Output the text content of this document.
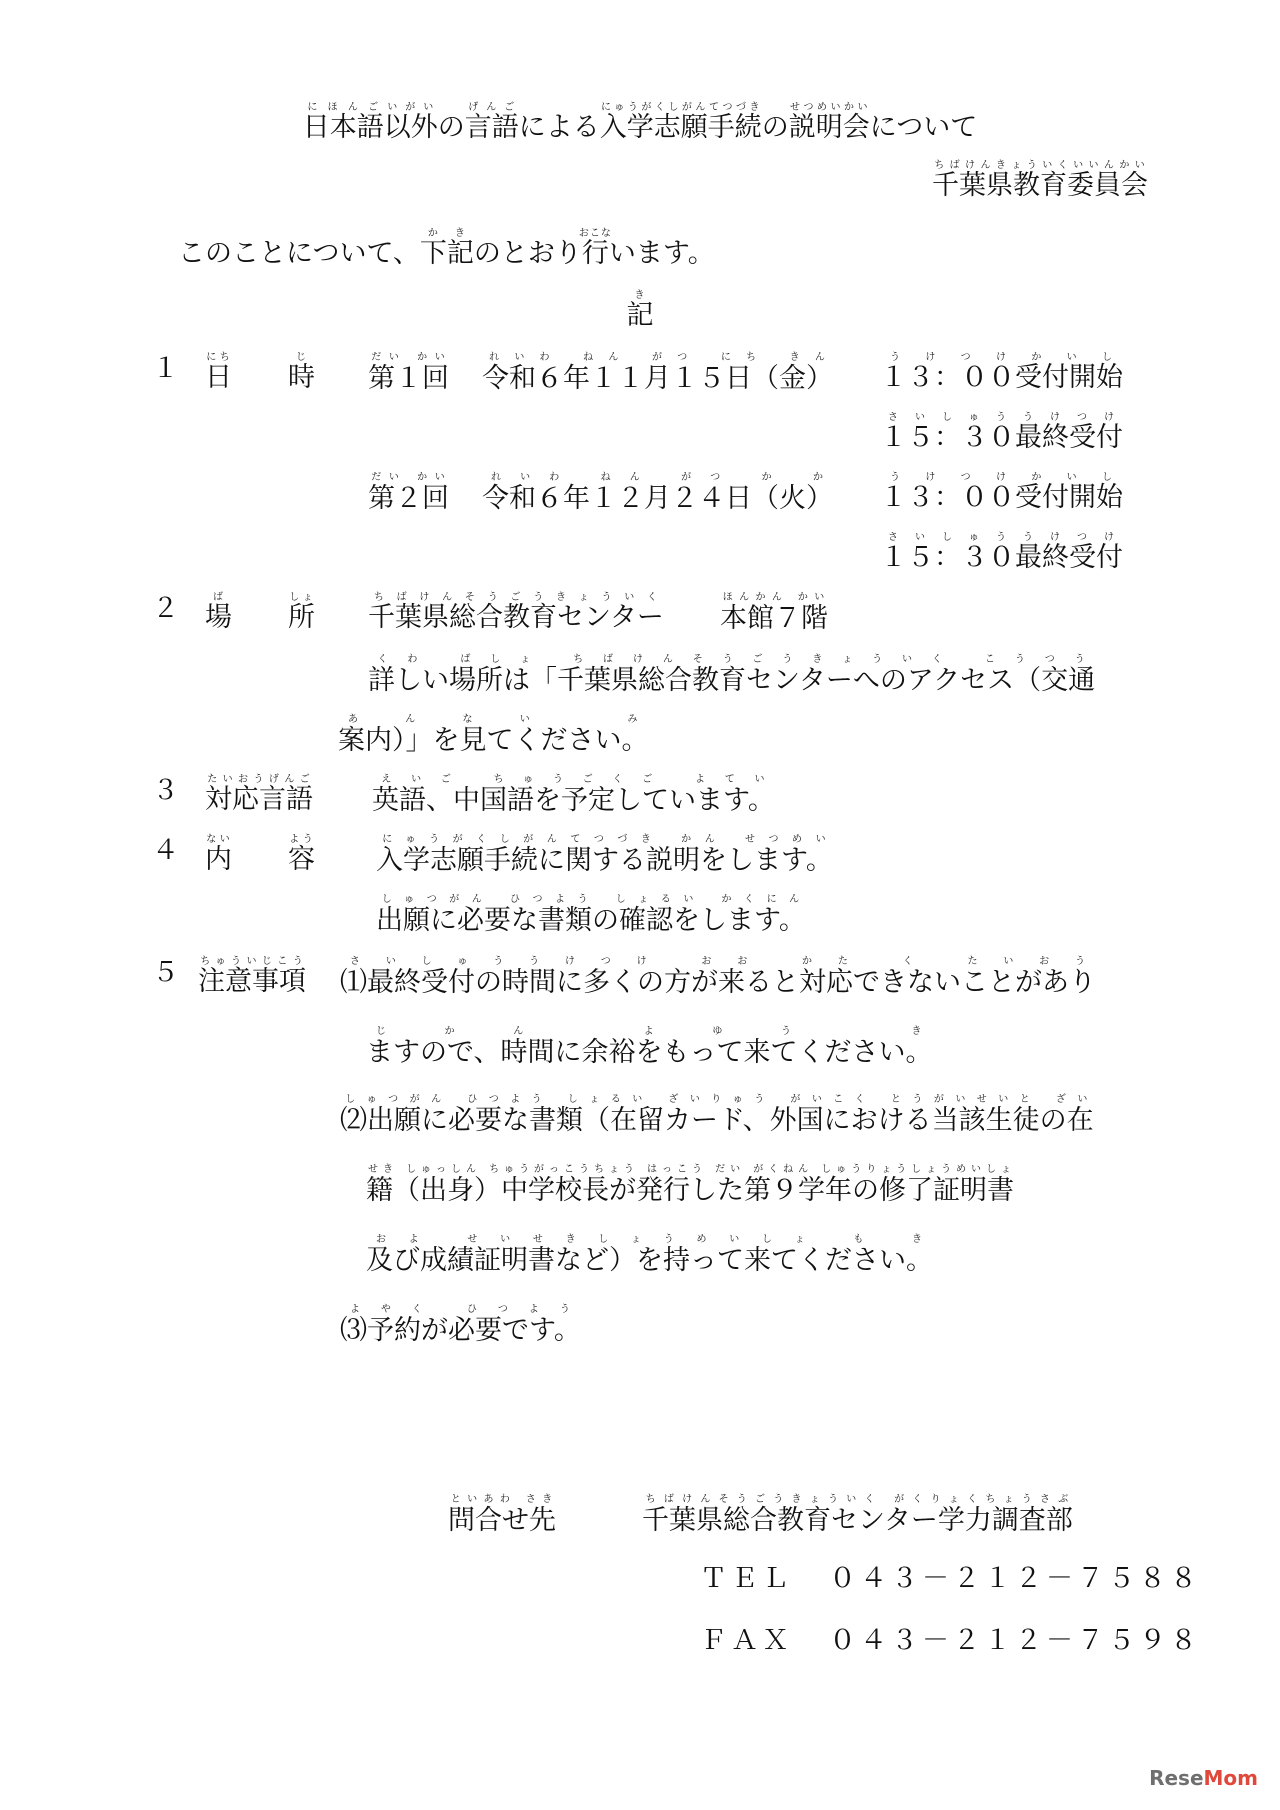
日本語にほんご以外いがいの言語げんごによる入学志願手続にゅうがくしがんてつづきの説明会せつめいかいについて
千葉県教育委員会ちばけんきょういくいいんかい
このことについて、下記かきのとおり行おこないます。
記き
１ 日にち
時じ
第１回だい かい
令和６年１１月１５日（金）れいわ ねん がつ にち きん
１３：００受付開始うけつけかいし
１５：３０最終受付さいしゅううけつけ
第２回だい かい
令和６年１２月２４日（火）れいわ ねん がつ か か
１３：００受付開始うけつけかいし
１５：３０最終受付さいしゅううけつけ
２ 場ば
所しょ
千葉県総合教育センターちばけんそうごうきょういく
本館７階ほんかん かい
詳しい場所は「千葉県総合教育センターへのアクセス（交通くわ ばしょ ちばけんそうごうきょういく こうつう
案内）」を見てください。あんない み
３ 対応言語たいおうげんご
英語、中国語を予定しています。えいご ちゅうごくご よてい
４ 内ない
容よう
入学志願手続に関する説明をします。にゅうがくしがんてつづき かん せつめい
出願に必要な書類の確認をします。しゅつがん ひつよう しょるい かくにん
５ 注意事項ちゅういじこう
⑴最終受付の時間に多くの方が来ると対応できないことがありさいしゅううけつけ おお かた く たいおう
ますので、時間に余裕をもって来てください。じかん よゆう き
⑵出願に必要な書類（在留カード、外国における当該生徒の在しゅつがん ひつよう しょるい ざいりゅう がいこく とうがいせいと ざい
籍（出身）中学校長が発行した第９学年の修了証明書せき しゅっしん ちゅうがっこうちょう はっこう だい がくねん しゅうりょうしょうめいしょ
及び成績証明書など）を持って来てください。およ せいせきしょうめいしょ も き
⑶予約が必要です。よやく ひつよう
問合せ先といあわ さき
千葉県総合教育センター学力調査部ちばけんそうごうきょういく がくりょくちょうさぶ
ＴＥＬ ０４３－２１２－７５８８
ＦＡＸ ０４３－２１２－７５９８
ReseMom
